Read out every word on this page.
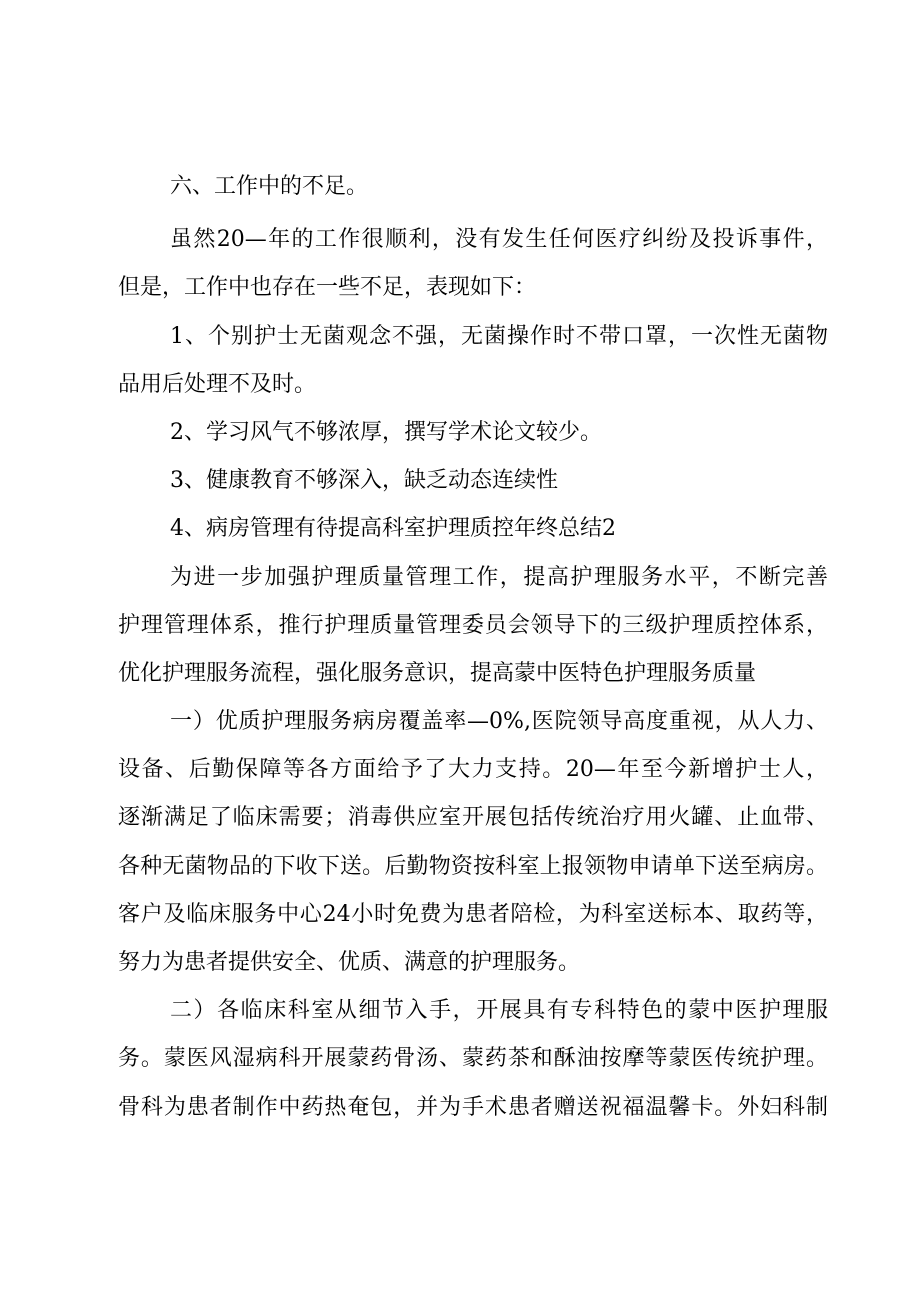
六、工作中的不足。
虽然20—年的工作很顺利，没有发生任何医疗纠纷及投诉事件，
但是，工作中也存在一些不足，表现如下：
1、个别护士无菌观念不强，无菌操作时不带口罩，一次性无菌物
品用后处理不及时。
2、学习风气不够浓厚，撰写学术论文较少。
3、健康教育不够深入，缺乏动态连续性
4、病房管理有待提高科室护理质控年终总结2
为进一步加强护理质量管理工作，提高护理服务水平，不断完善
护理管理体系，推行护理质量管理委员会领导下的三级护理质控体系，
优化护理服务流程，强化服务意识，提高蒙中医特色护理服务质量
一）优质护理服务病房覆盖率—0%,医院领导高度重视，从人力、
设备、后勤保障等各方面给予了大力支持。20—年至今新增护士人，
逐渐满足了临床需要；消毒供应室开展包括传统治疗用火罐、止血带、
各种无菌物品的下收下送。后勤物资按科室上报领物申请单下送至病房。
客户及临床服务中心24小时免费为患者陪检，为科室送标本、取药等，
努力为患者提供安全、优质、满意的护理服务。
二）各临床科室从细节入手，开展具有专科特色的蒙中医护理服
务。蒙医风湿病科开展蒙药骨汤、蒙药茶和酥油按摩等蒙医传统护理。
骨科为患者制作中药热奄包，并为手术患者赠送祝福温馨卡。外妇科制
